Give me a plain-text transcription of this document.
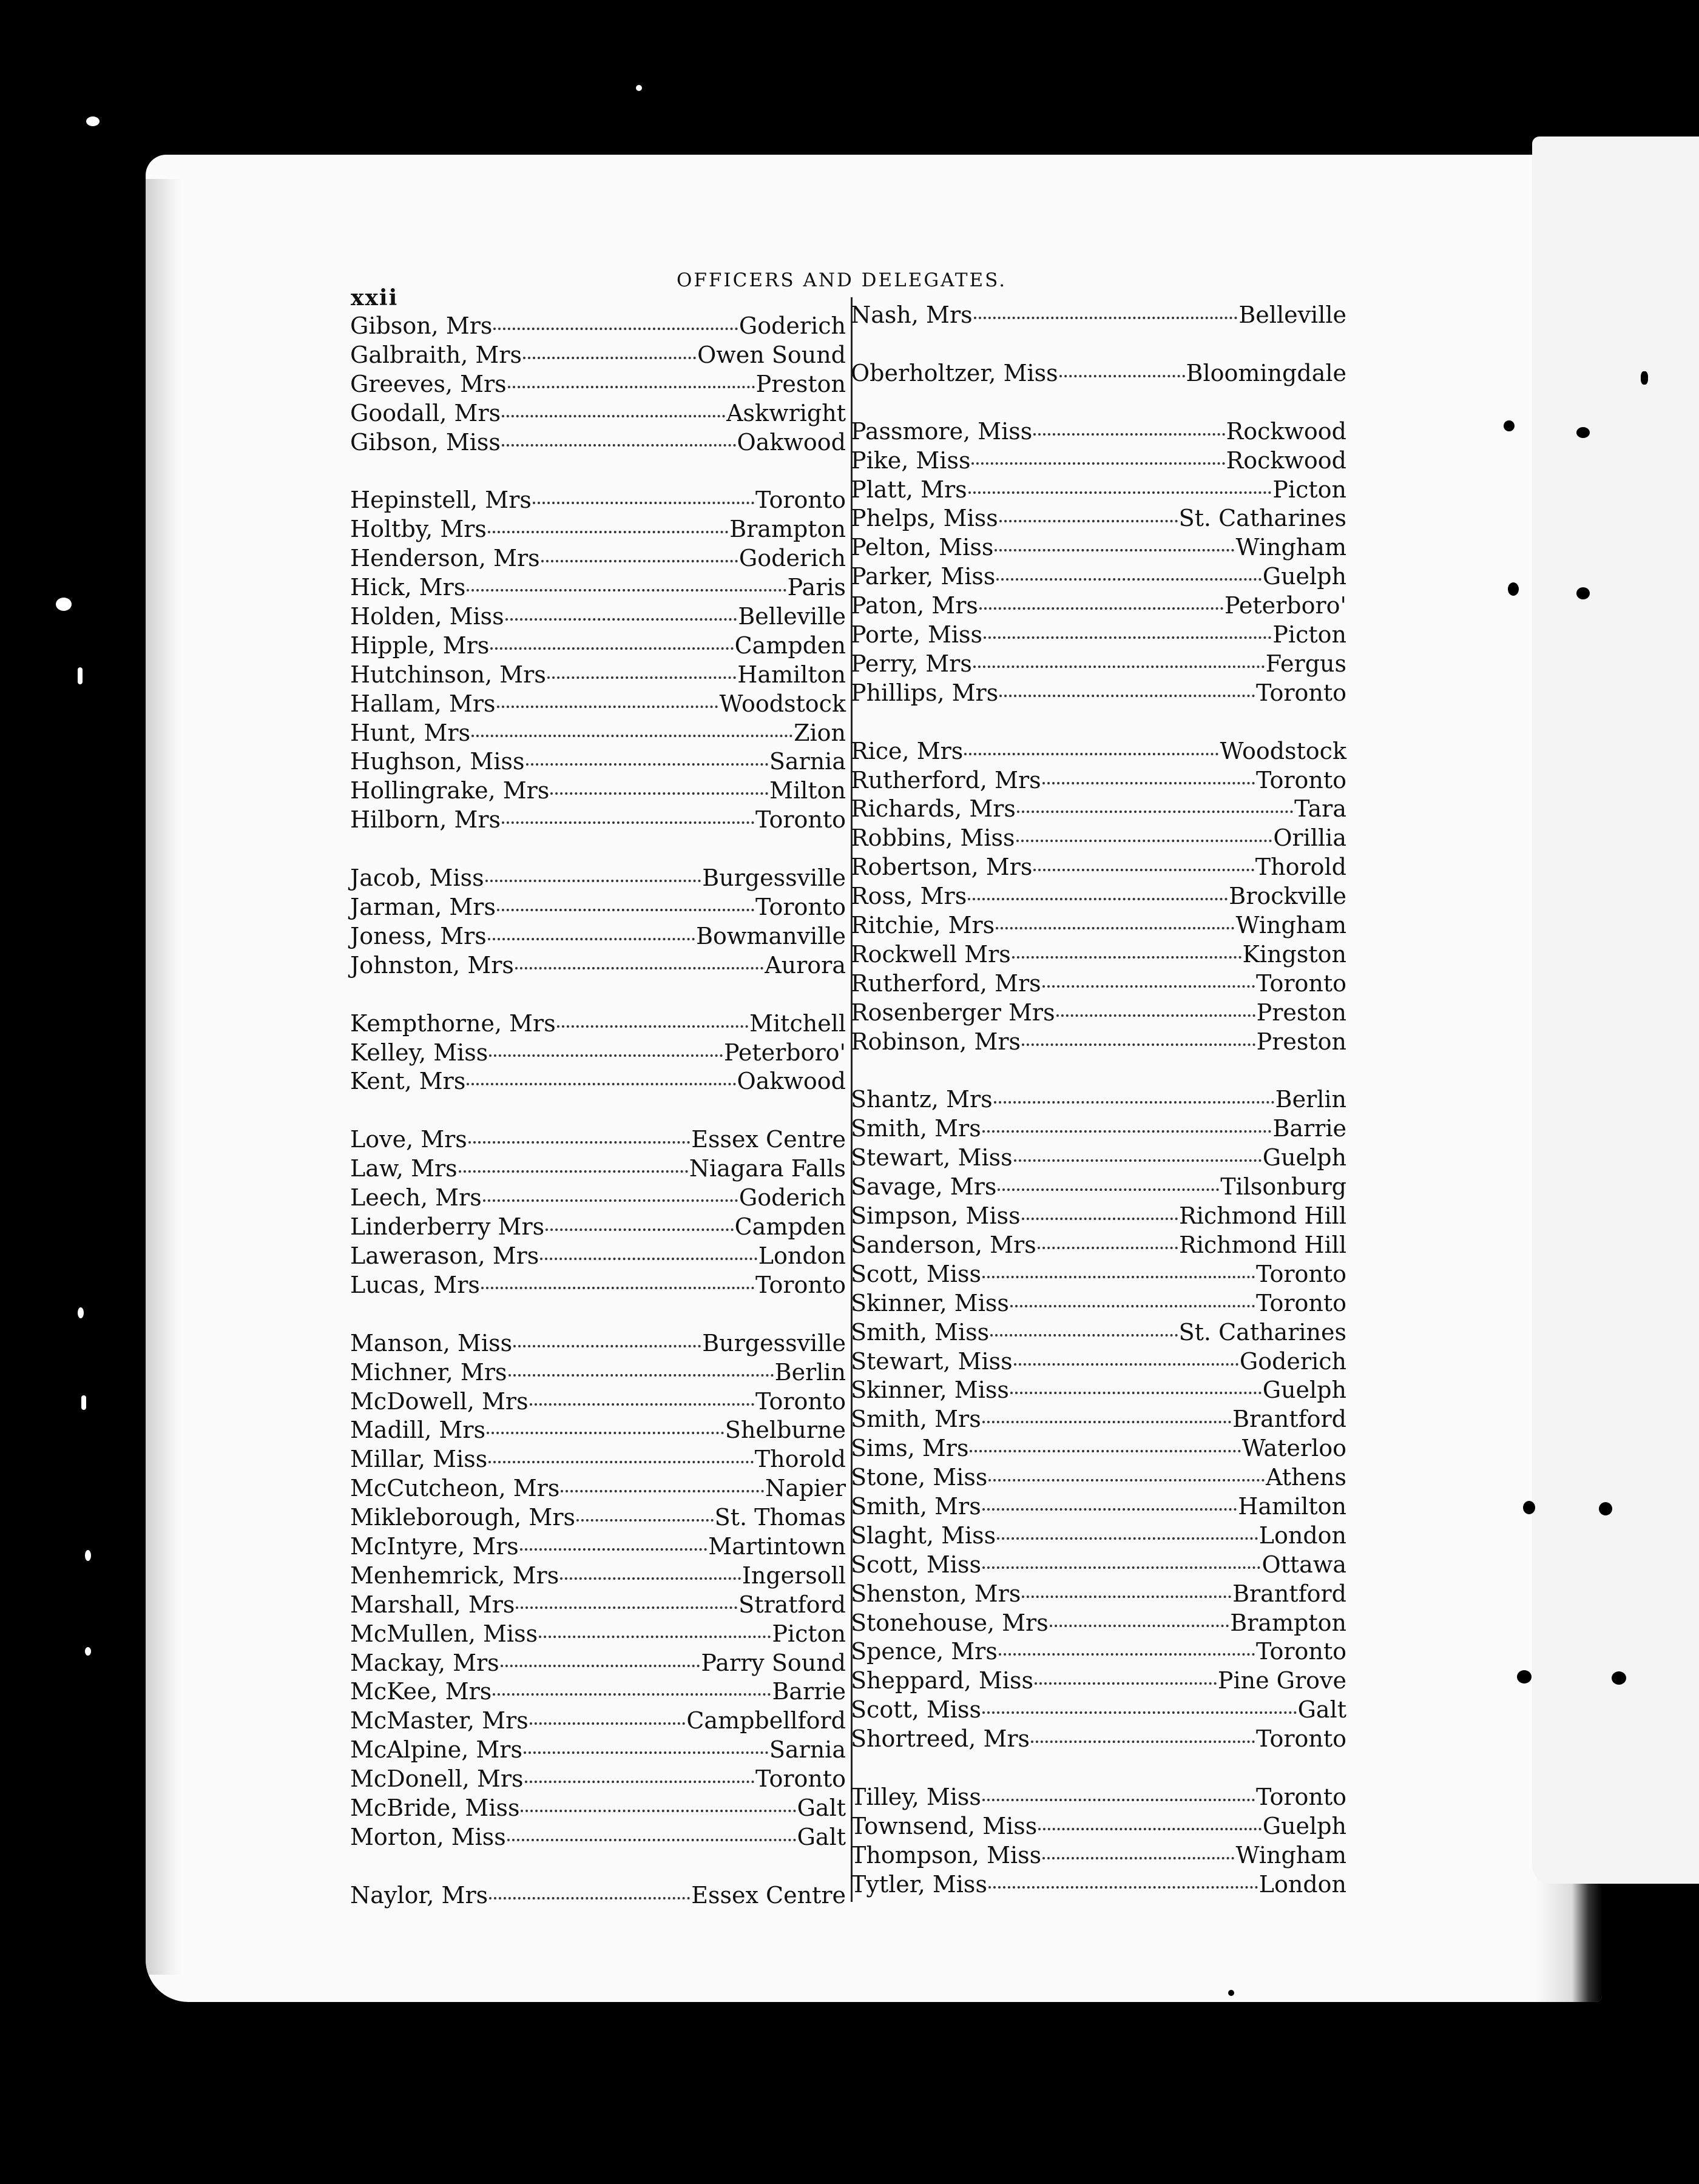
xxii
OFFICERS AND DELEGATES.
Gibson, Mrs	Goderich
Galbraith, Mrs	Owen Sound
Greeves, Mrs	Preston
Goodall, Mrs	Askwright
Gibson, Miss	Oakwood
Hepinstell, Mrs	Toronto
Holtby, Mrs	Brampton
Henderson, Mrs	Goderich
Hick, Mrs	Paris
Holden, Miss	Belleville
Hipple, Mrs	Campden
Hutchinson, Mrs	Hamilton
Hallam, Mrs	Woodstock
Hunt, Mrs	Zion
Hughson, Miss	Sarnia
Hollingrake, Mrs	Milton
Hilborn, Mrs	Toronto
Jacob, Miss	Burgessville
Jarman, Mrs	Toronto
Joness, Mrs	Bowmanville
Johnston, Mrs	Aurora
Kempthorne, Mrs	Mitchell
Kelley, Miss	Peterboro'
Kent, Mrs	Oakwood
Love, Mrs	Essex Centre
Law, Mrs	Niagara Falls
Leech, Mrs	Goderich
Linderberry Mrs	Campden
Lawerason, Mrs	London
Lucas, Mrs	Toronto
Manson, Miss	Burgessville
Michner, Mrs	Berlin
McDowell, Mrs	Toronto
Madill, Mrs	Shelburne
Millar, Miss	Thorold
McCutcheon, Mrs	Napier
Mikleborough, Mrs	St. Thomas
McIntyre, Mrs	Martintown
Menhemrick, Mrs	Ingersoll
Marshall, Mrs	Stratford
McMullen, Miss	Picton
Mackay, Mrs	Parry Sound
McKee, Mrs	Barrie
McMaster, Mrs	Campbellford
McAlpine, Mrs	Sarnia
McDonell, Mrs	Toronto
McBride, Miss	Galt
Morton, Miss	Galt
Naylor, Mrs	Essex Centre
Nash, Mrs	Belleville
Oberholtzer, Miss	Bloomingdale
Passmore, Miss	Rockwood
Pike, Miss	Rockwood
Platt, Mrs	Picton
Phelps, Miss	St. Catharines
Pelton, Miss	Wingham
Parker, Miss	Guelph
Paton, Mrs	Peterboro'
Porte, Miss	Picton
Perry, Mrs	Fergus
Phillips, Mrs	Toronto
Rice, Mrs	Woodstock
Rutherford, Mrs	Toronto
Richards, Mrs	Tara
Robbins, Miss	Orillia
Robertson, Mrs	Thorold
Ross, Mrs	Brockville
Ritchie, Mrs	Wingham
Rockwell Mrs	Kingston
Rutherford, Mrs	Toronto
Rosenberger Mrs	Preston
Robinson, Mrs	Preston
Shantz, Mrs	Berlin
Smith, Mrs	Barrie
Stewart, Miss	Guelph
Savage, Mrs	Tilsonburg
Simpson, Miss	Richmond Hill
Sanderson, Mrs	Richmond Hill
Scott, Miss	Toronto
Skinner, Miss	Toronto
Smith, Miss	St. Catharines
Stewart, Miss	Goderich
Skinner, Miss	Guelph
Smith, Mrs	Brantford
Sims, Mrs	Waterloo
Stone, Miss	Athens
Smith, Mrs	Hamilton
Slaght, Miss	London
Scott, Miss	Ottawa
Shenston, Mrs	Brantford
Stonehouse, Mrs	Brampton
Spence, Mrs	Toronto
Sheppard, Miss	Pine Grove
Scott, Miss	Galt
Shortreed, Mrs	Toronto
Tilley, Miss	Toronto
Townsend, Miss	Guelph
Thompson, Miss	Wingham
Tytler, Miss	London
